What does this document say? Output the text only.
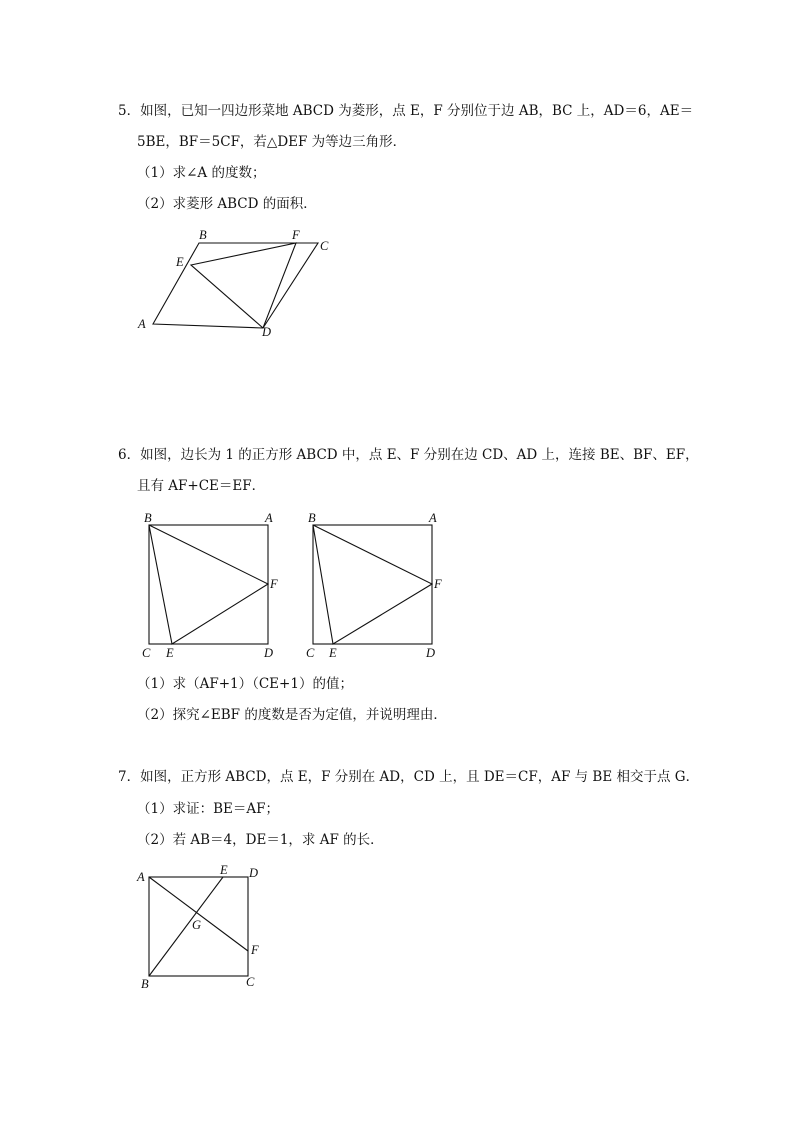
5．如图，已知一四边形菜地 ABCD 为菱形，点 E，F 分别位于边 AB，BC 上，AD＝6，AE＝
5BE，BF＝5CF，若△DEF 为等边三角形．
（1）求∠A 的度数；
（2）求菱形 ABCD 的面积．
B	F
C
E
A
D
6．如图，边长为 1 的正方形 ABCD 中，点 E、F 分别在边 CD、AD 上，连接 BE、BF、EF，
且有 AF+CE＝EF．
B	A
F
C E	D
B	A
F
C E	D
（1）求（AF+1）（CE+1）的值；
（2）探究∠EBF 的度数是否为定值，并说明理由．
7．如图，正方形 ABCD，点 E，F 分别在 AD，CD 上，且 DE＝CF，AF 与 BE 相交于点 G．
（1）求证：BE＝AF；
（2）若 AB＝4，DE＝1，求 AF 的长．
A	E D
G
F
B	C
